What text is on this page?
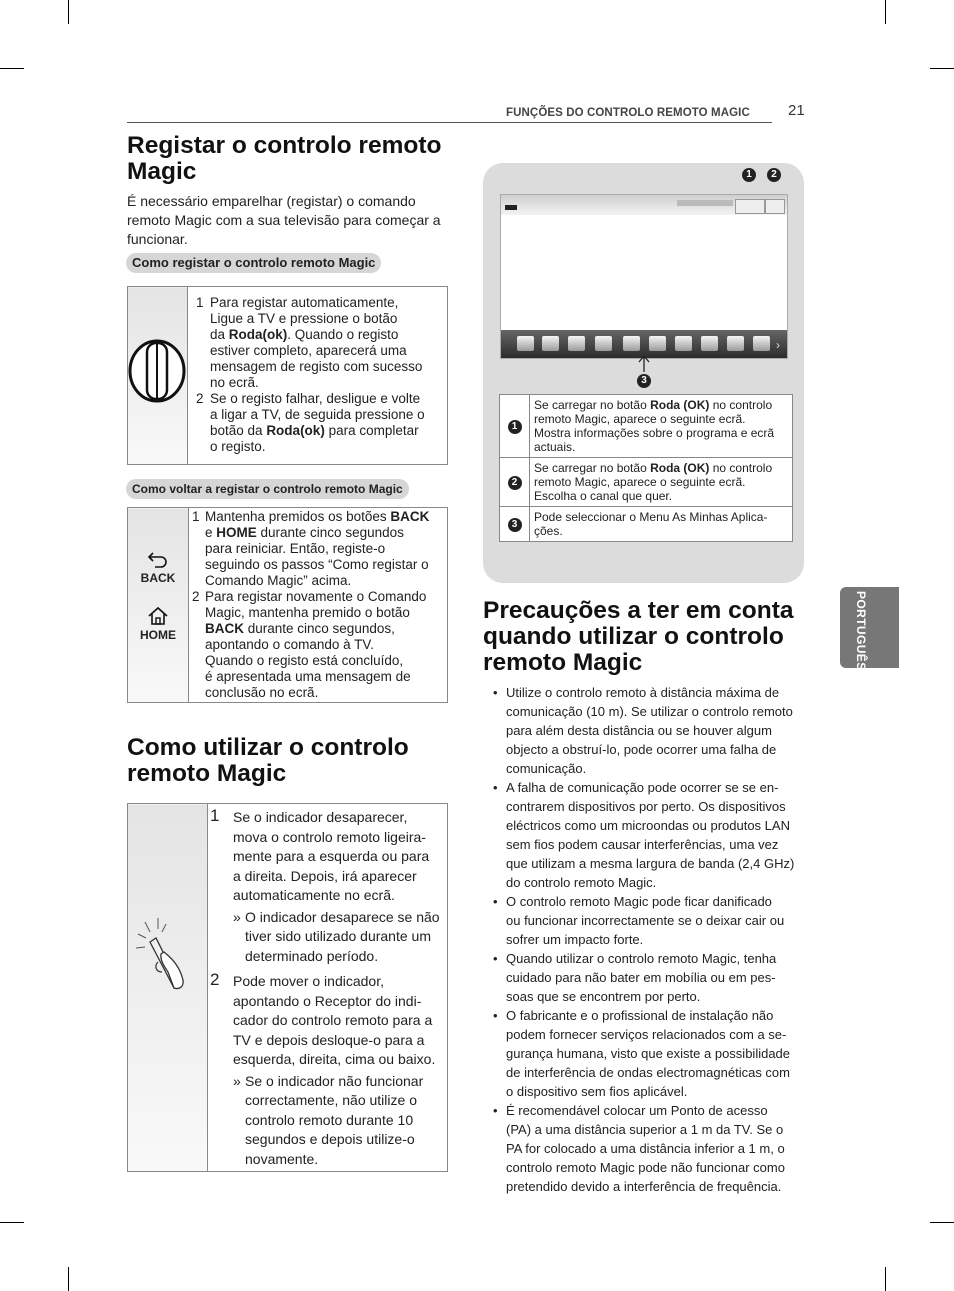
FUNÇÕES DO CONTROLO REMOTO MAGIC	21
Registar o controlo remoto
Magic

É necessário emparelhar (registar) o comando
remoto Magic com a sua televisão para começar a
funcionar.

Como registar o controlo remoto Magic

1 Para registar automaticamente,
Ligue a TV e pressione o botão
da Roda(ok). Quando o registo
estiver completo, aparecerá uma
mensagem de registo com sucesso
no ecrã.
2 Se o registo falhar, desligue e volte
a ligar a TV, de seguida pressione o
botão da Roda(ok) para completar
o registo.
Como voltar a registar o controlo remoto Magic
BACK
HOME

1 Mantenha premidos os botões BACK
e HOME durante cinco segundos
para reiniciar. Então, registe-o
seguindo os passos “Como registar o
Comando Magic” acima.
2 Para registar novamente o Comando
Magic, mantenha premido o botão
BACK durante cinco segundos,
apontando o comando à TV.
Quando o registo está concluído,
é apresentada uma mensagem de
conclusão no ecrã.
Como utilizar o controlo
remoto Magic

1 Se o indicador desaparecer,
mova o controlo remoto ligeira-
mente para a esquerda ou para
a direita. Depois, irá aparecer
automaticamente no ecrã.
» O indicador desaparece se não
tiver sido utilizado durante um
determinado período.
2 Pode mover o indicador,
apontando o Receptor do indi-
cador do controlo remoto para a
TV e depois desloque-o para a
esquerda, direita, cima ou baixo.
» Se o indicador não funcionar
correctamente, não utilize o
controlo remoto durante 10
segundos e depois utilize-o
novamente.
1	2
›
3
1	Se carregar no botão Roda (OK) no controlo
remoto Magic, aparece o seguinte ecrã.
Mostra informações sobre o programa e ecrã
actuais.
2	Se carregar no botão Roda (OK) no controlo
remoto Magic, aparece o seguinte ecrã.
Escolha o canal que quer.
3	Pode seleccionar o Menu As Minhas Aplica-
ções.
Precauções a ter em conta
quando utilizar o controlo
remoto Magic
• Utilize o controlo remoto à distância máxima de
comunicação (10 m). Se utilizar o controlo remoto
para além desta distância ou se houver algum
objecto a obstruí-lo, pode ocorrer uma falha de
comunicação.
• A falha de comunicação pode ocorrer se se en-
contrarem dispositivos por perto. Os dispositivos
eléctricos como um microondas ou produtos LAN
sem fios podem causar interferências, uma vez
que utilizam a mesma largura de banda (2,4 GHz)
do controlo remoto Magic.
• O controlo remoto Magic pode ficar danificado
ou funcionar incorrectamente se o deixar cair ou
sofrer um impacto forte.
• Quando utilizar o controlo remoto Magic, tenha
cuidado para não bater em mobília ou em pes-
soas que se encontrem por perto.
• O fabricante e o profissional de instalação não
podem fornecer serviços relacionados com a se-
gurança humana, visto que existe a possibilidade
de interferência de ondas electromagnéticas com
o dispositivo sem fios aplicável.
• É recomendável colocar um Ponto de acesso
(PA) a uma distância superior a 1 m da TV. Se o
PA for colocado a uma distância inferior a 1 m, o
controlo remoto Magic pode não funcionar como
pretendido devido a interferência de frequência.
PORTUGUÊS
